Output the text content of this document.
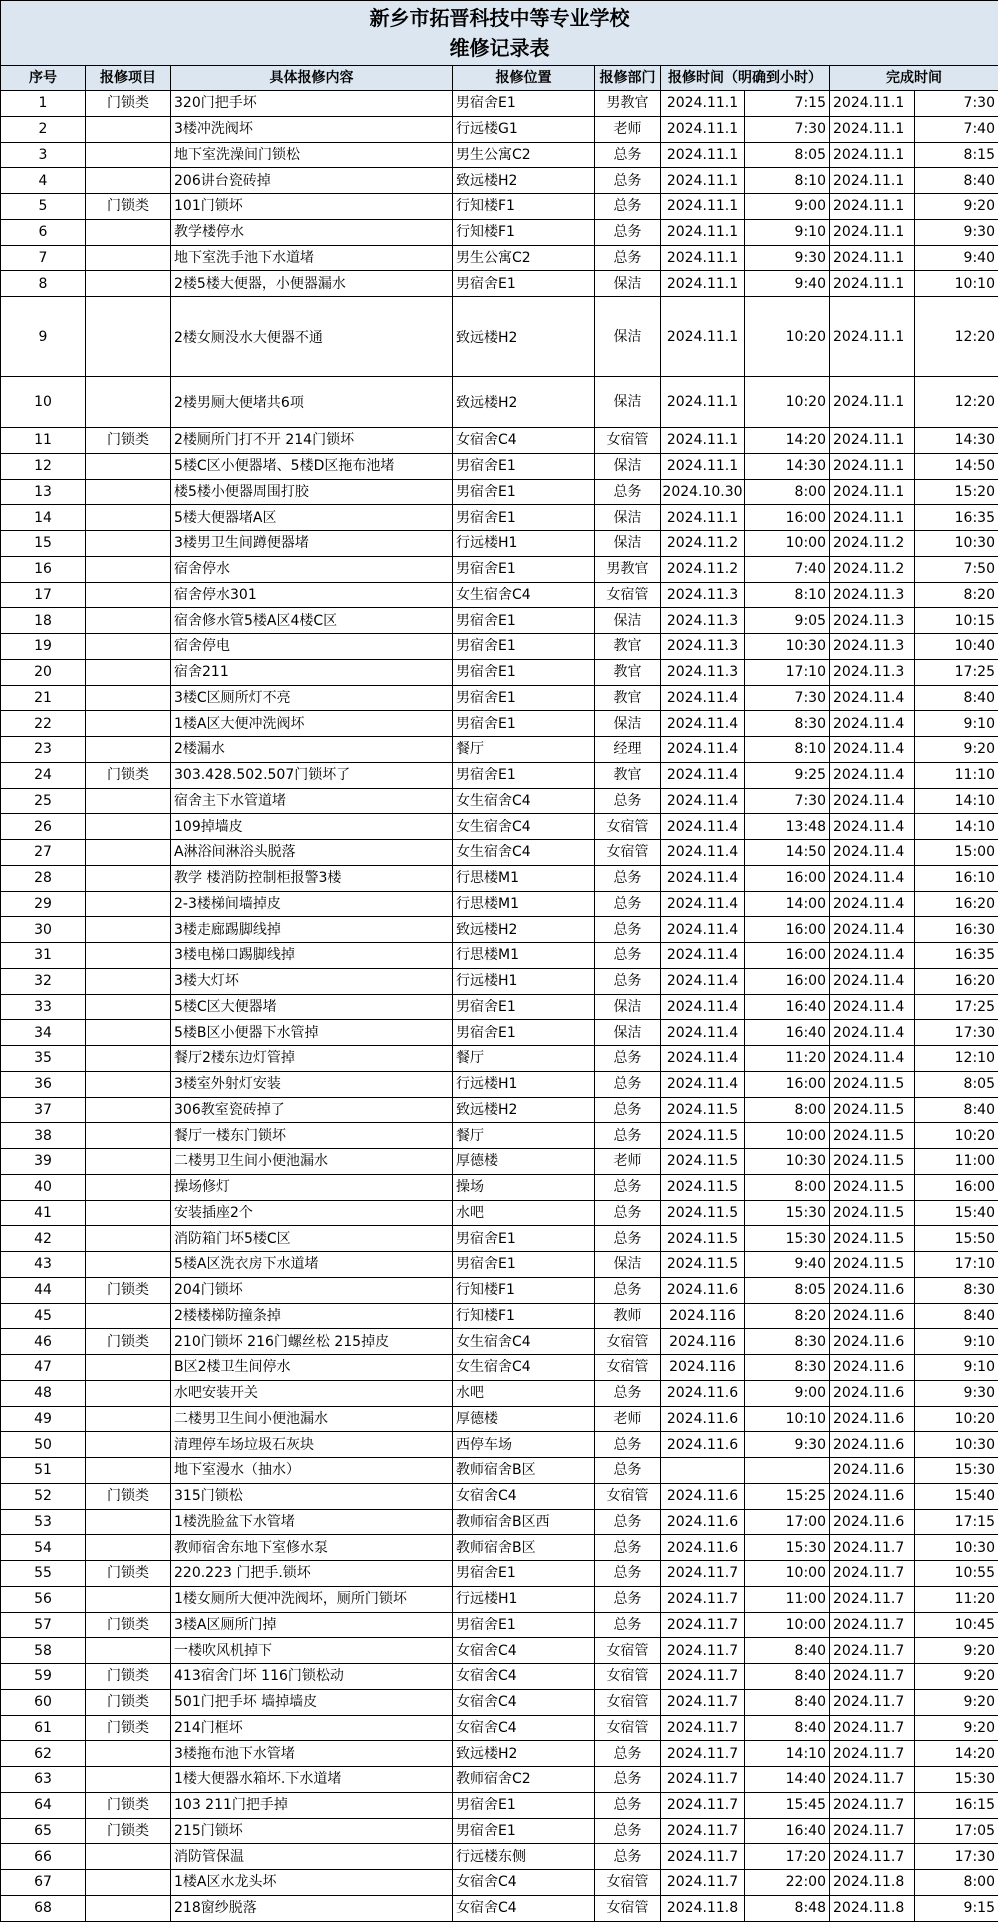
新乡市拓晋科技中等专业学校
维修记录表								

序号	报修项目	具体报修内容	报修位置	报修部门	报修时间（明确到小时）		完成时间	
1	门锁类	320门把手坏	男宿舍E1	男教官	2024.11.1	7:15	2024.11.1	7:30
2		3楼冲洗阀坏	行远楼G1	老师	2024.11.1	7:30	2024.11.1	7:40
3		地下室洗澡间门锁松	男生公寓C2	总务	2024.11.1	8:05	2024.11.1	8:15
4		206讲台瓷砖掉	致远楼H2	总务	2024.11.1	8:10	2024.11.1	8:40
5	门锁类	101门锁坏	行知楼F1	总务	2024.11.1	9:00	2024.11.1	9:20
6		教学楼停水	行知楼F1	总务	2024.11.1	9:10	2024.11.1	9:30
7		地下室洗手池下水道堵	男生公寓C2	总务	2024.11.1	9:30	2024.11.1	9:40
8		2楼5楼大便器，小便器漏水	男宿舍E1	保洁	2024.11.1	9:40	2024.11.1	10:10
9		2楼女厕没水大便器不通	致远楼H2	保洁	2024.11.1	10:20	2024.11.1	12:20
10		2楼男厕大便堵共6项	致远楼H2	保洁	2024.11.1	10:20	2024.11.1	12:20
11	门锁类	2楼厕所门打不开 214门锁坏	女宿舍C4	女宿管	2024.11.1	14:20	2024.11.1	14:30
12		5楼C区小便器堵、5楼D区拖布池堵	男宿舍E1	保洁	2024.11.1	14:30	2024.11.1	14:50
13		楼5楼小便器周围打胶	男宿舍E1	总务	2024.10.30	8:00	2024.11.1	15:20
14		5楼大便器堵A区	男宿舍E1	保洁	2024.11.1	16:00	2024.11.1	16:35
15		3楼男卫生间蹲便器堵	行远楼H1	保洁	2024.11.2	10:00	2024.11.2	10:30
16		宿舍停水	男宿舍E1	男教官	2024.11.2	7:40	2024.11.2	7:50
17		宿舍停水301	女生宿舍C4	女宿管	2024.11.3	8:10	2024.11.3	8:20
18		宿舍修水管5楼A区4楼C区	男宿舍E1	保洁	2024.11.3	9:05	2024.11.3	10:15
19		宿舍停电	男宿舍E1	教官	2024.11.3	10:30	2024.11.3	10:40
20		宿舍211	男宿舍E1	教官	2024.11.3	17:10	2024.11.3	17:25
21		3楼C区厕所灯不亮	男宿舍E1	教官	2024.11.4	7:30	2024.11.4	8:40
22		1楼A区大便冲洗阀坏	男宿舍E1	保洁	2024.11.4	8:30	2024.11.4	9:10
23		2楼漏水	餐厅	经理	2024.11.4	8:10	2024.11.4	9:20
24	门锁类	303.428.502.507门锁坏了	男宿舍E1	教官	2024.11.4	9:25	2024.11.4	11:10
25		宿舍主下水管道堵	女生宿舍C4	总务	2024.11.4	7:30	2024.11.4	14:10
26		109掉墙皮	女生宿舍C4	女宿管	2024.11.4	13:48	2024.11.4	14:10
27		A淋浴间淋浴头脱落	女生宿舍C4	女宿管	2024.11.4	14:50	2024.11.4	15:00
28		教学 楼消防控制柜报警3楼	行思楼M1	总务	2024.11.4	16:00	2024.11.4	16:10
29		2-3楼梯间墙掉皮	行思楼M1	总务	2024.11.4	14:00	2024.11.4	16:20
30		3楼走廊踢脚线掉	致远楼H2	总务	2024.11.4	16:00	2024.11.4	16:30
31		3楼电梯口踢脚线掉	行思楼M1	总务	2024.11.4	16:00	2024.11.4	16:35
32		3楼大灯坏	行远楼H1	总务	2024.11.4	16:00	2024.11.4	16:20
33		5楼C区大便器堵	男宿舍E1	保洁	2024.11.4	16:40	2024.11.4	17:25
34		5楼B区小便器下水管掉	男宿舍E1	保洁	2024.11.4	16:40	2024.11.4	17:30
35		餐厅2楼东边灯管掉	餐厅	总务	2024.11.4	11:20	2024.11.4	12:10
36		3楼室外射灯安装	行远楼H1	总务	2024.11.4	16:00	2024.11.5	8:05
37		306教室瓷砖掉了	致远楼H2	总务	2024.11.5	8:00	2024.11.5	8:40
38		餐厅一楼东门锁坏	餐厅	总务	2024.11.5	10:00	2024.11.5	10:20
39		二楼男卫生间小便池漏水	厚德楼	老师	2024.11.5	10:30	2024.11.5	11:00
40		操场修灯	操场	总务	2024.11.5	8:00	2024.11.5	16:00
41		安装插座2个	水吧	总务	2024.11.5	15:30	2024.11.5	15:40
42		消防箱门坏5楼C区	男宿舍E1	总务	2024.11.5	15:30	2024.11.5	15:50
43		5楼A区洗衣房下水道堵	男宿舍E1	保洁	2024.11.5	9:40	2024.11.5	17:10
44	门锁类	204门锁坏	行知楼F1	总务	2024.11.6	8:05	2024.11.6	8:30
45		2楼楼梯防撞条掉	行知楼F1	教师	2024.116	8:20	2024.11.6	8:40
46	门锁类	210门锁坏 216门螺丝松 215掉皮	女生宿舍C4	女宿管	2024.116	8:30	2024.11.6	9:10
47		B区2楼卫生间停水	女生宿舍C4	女宿管	2024.116	8:30	2024.11.6	9:10
48		水吧安装开关	水吧	总务	2024.11.6	9:00	2024.11.6	9:30
49		二楼男卫生间小便池漏水	厚德楼	老师	2024.11.6	10:10	2024.11.6	10:20
50		清理停车场垃圾石灰块	西停车场	总务	2024.11.6	9:30	2024.11.6	10:30
51		地下室漫水（抽水）	教师宿舍B区	总务			2024.11.6	15:30
52	门锁类	315门锁松	女宿舍C4	女宿管	2024.11.6	15:25	2024.11.6	15:40
53		1楼洗脸盆下水管堵	教师宿舍B区西	总务	2024.11.6	17:00	2024.11.6	17:15
54		教师宿舍东地下室修水泵	教师宿舍B区	总务	2024.11.6	15:30	2024.11.7	10:30
55	门锁类	220.223 门把手.锁坏	男宿舍E1	总务	2024.11.7	10:00	2024.11.7	10:55
56		1楼女厕所大便冲洗阀坏，厕所门锁坏	行远楼H1	总务	2024.11.7	11:00	2024.11.7	11:20
57	门锁类	3楼A区厕所门掉	男宿舍E1	总务	2024.11.7	10:00	2024.11.7	10:45
58		一楼吹风机掉下	女宿舍C4	女宿管	2024.11.7	8:40	2024.11.7	9:20
59	门锁类	413宿舍门坏 116门锁松动	女宿舍C4	女宿管	2024.11.7	8:40	2024.11.7	9:20
60	门锁类	501门把手坏 墙掉墙皮	女宿舍C4	女宿管	2024.11.7	8:40	2024.11.7	9:20
61	门锁类	214门框坏	女宿舍C4	女宿管	2024.11.7	8:40	2024.11.7	9:20
62		3楼拖布池下水管堵	致远楼H2	总务	2024.11.7	14:10	2024.11.7	14:20
63		1楼大便器水箱坏.下水道堵	教师宿舍C2	总务	2024.11.7	14:40	2024.11.7	15:30
64	门锁类	103 211门把手掉	男宿舍E1	总务	2024.11.7	15:45	2024.11.7	16:15
65	门锁类	215门锁坏	男宿舍E1	总务	2024.11.7	16:40	2024.11.7	17:05
66		消防管保温	行远楼东侧	总务	2024.11.7	17:20	2024.11.7	17:30
67		1楼A区水龙头坏	女宿舍C4	女宿管	2024.11.7	22:00	2024.11.8	8:00
68		218窗纱脱落	女宿舍C4	女宿管	2024.11.8	8:48	2024.11.8	9:15
